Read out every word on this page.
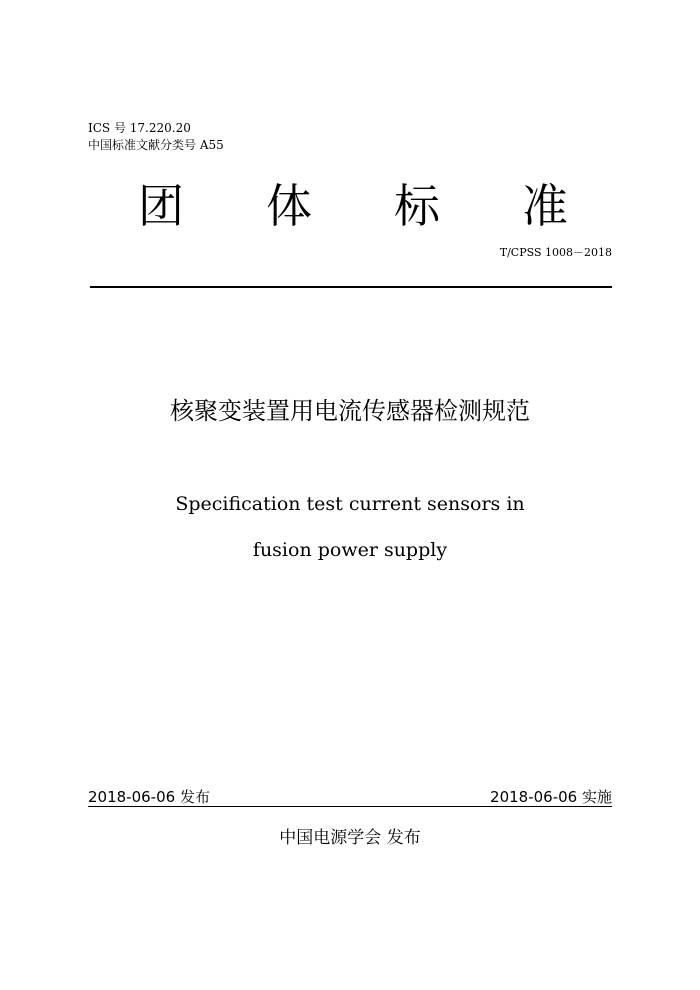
ICS 号 17.220.20
中国标准文献分类号 A55
团 体 标 准
T/CPSS 1008－2018
核聚变装置用电流传感器检测规范
Specification test current sensors in
fusion power supply
2018-06-06 发布	2018-06-06 实施
中国电源学会 发布
